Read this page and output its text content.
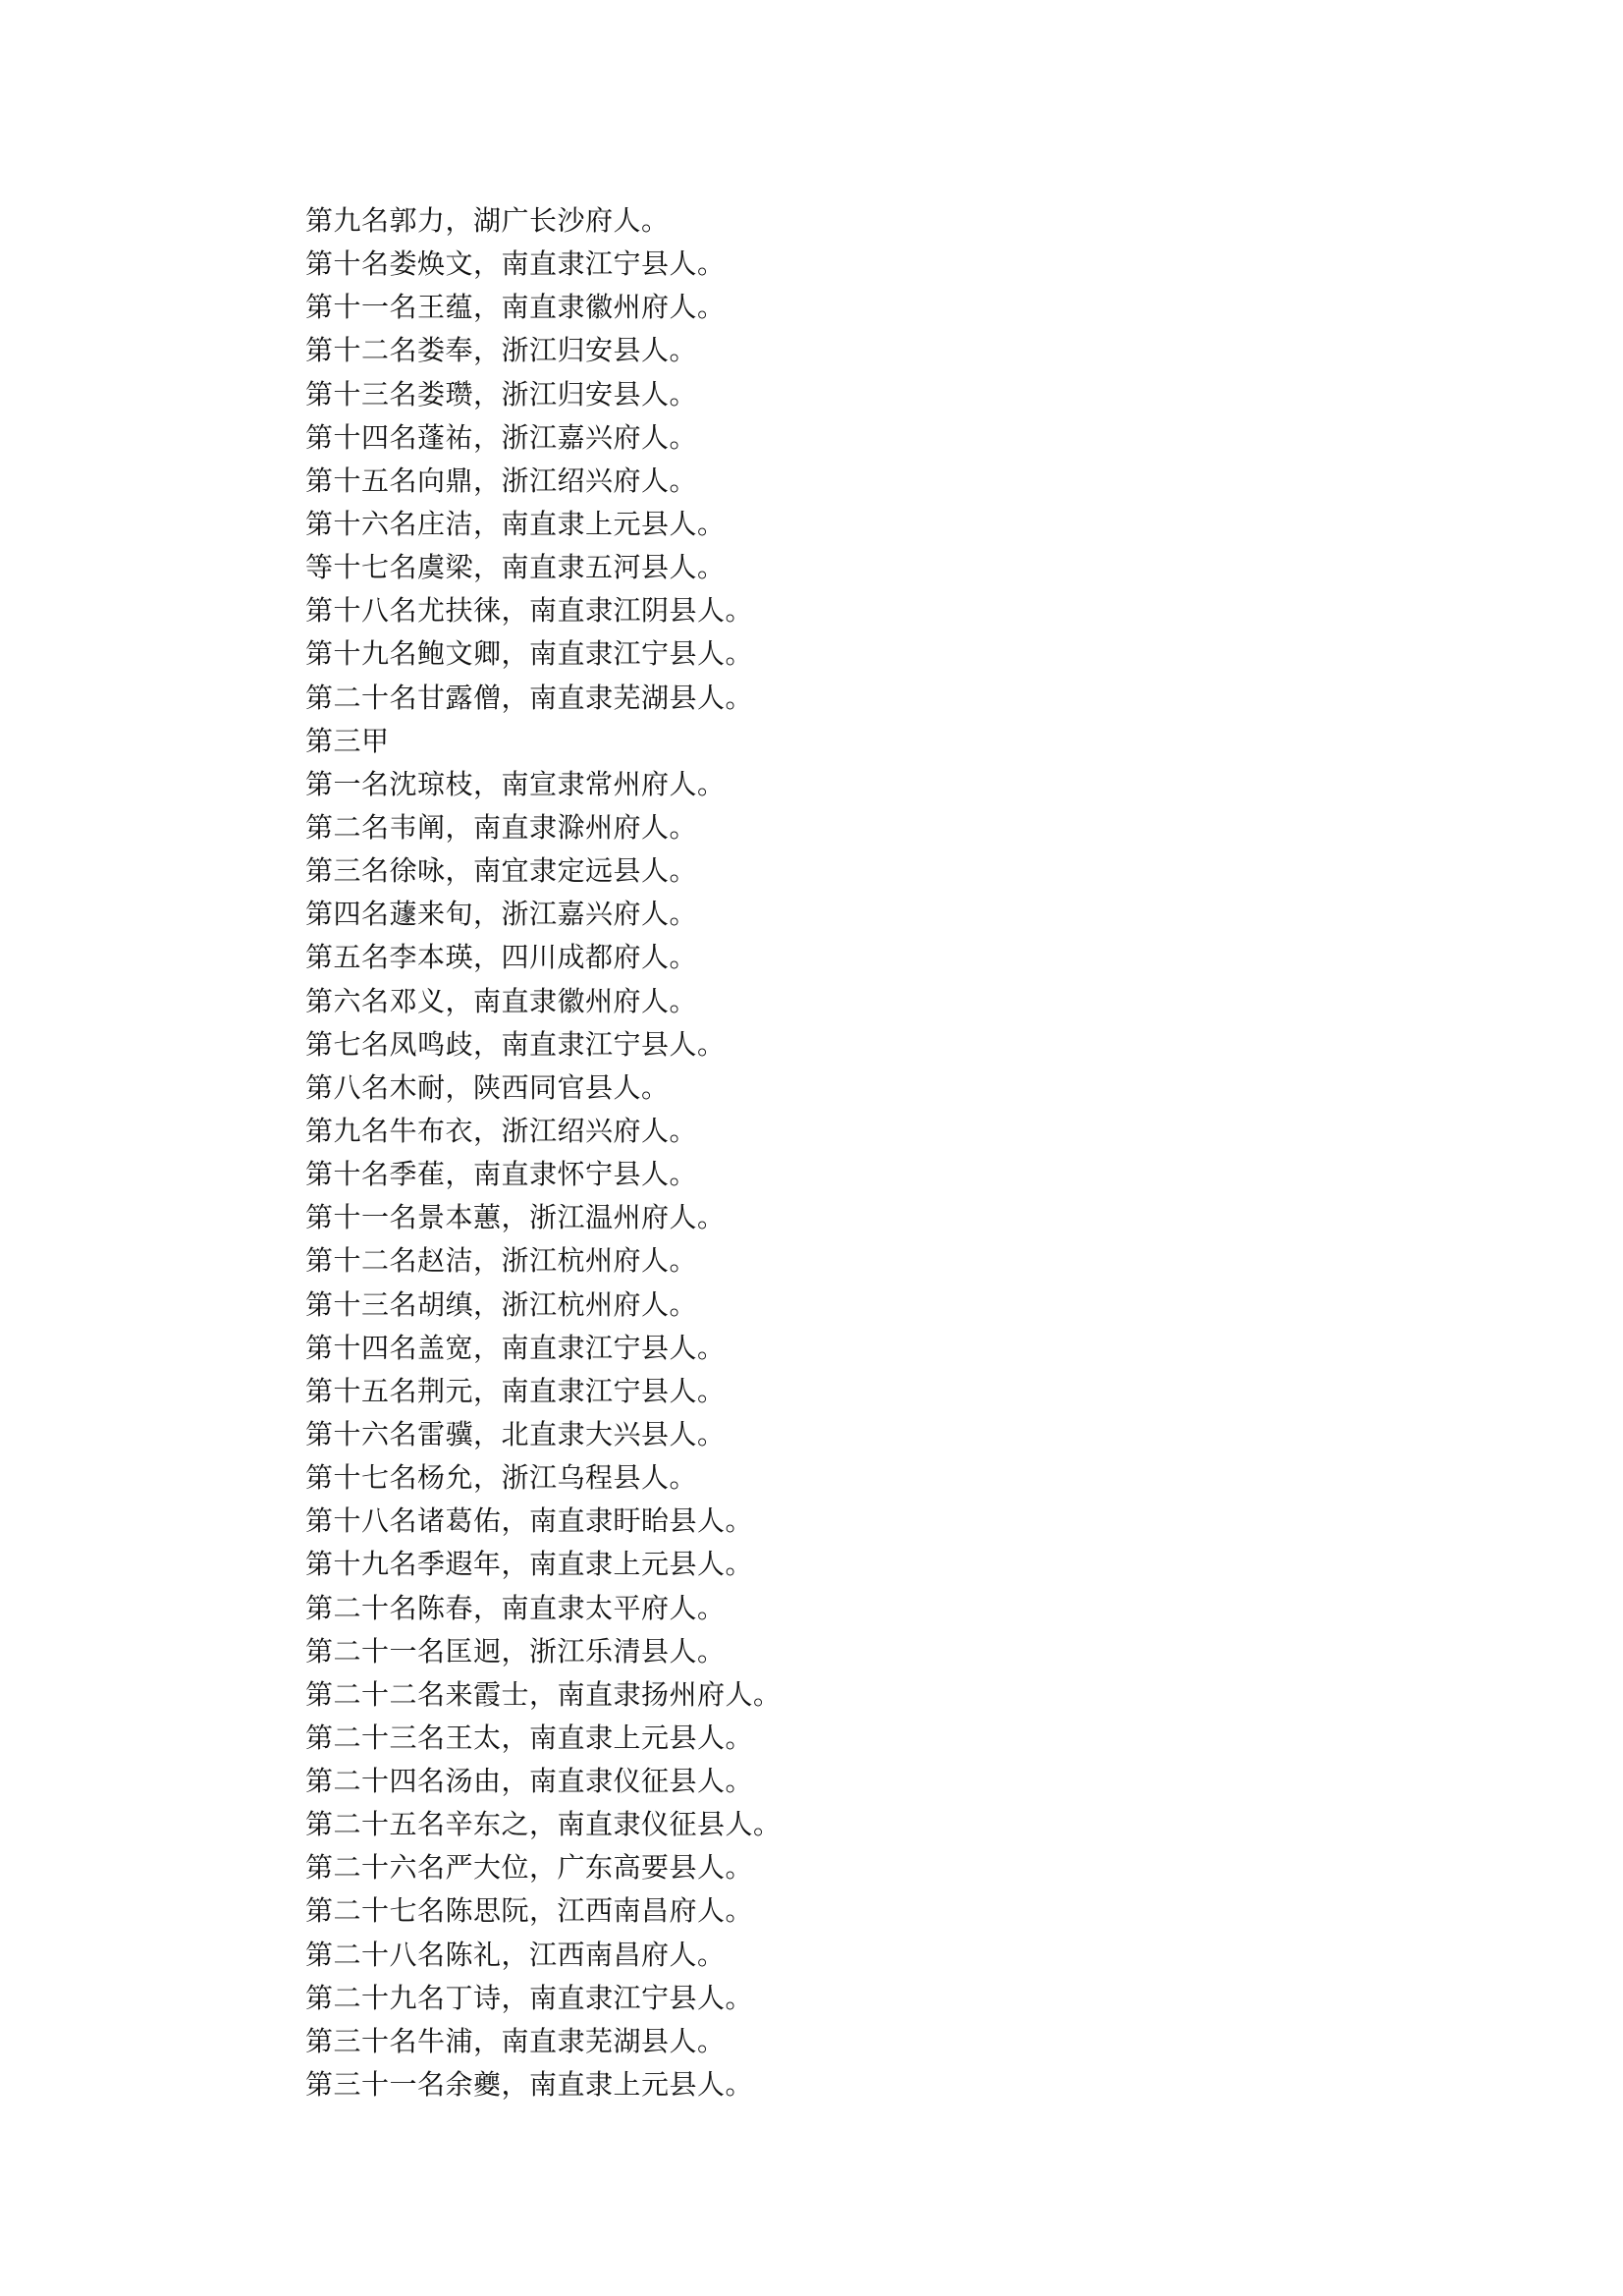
第九名郭力，湖广长沙府人。
第十名娄焕文，南直隶江宁县人。
第十一名王蕴，南直隶徽州府人。
第十二名娄奉，浙江归安县人。
第十三名娄瓒，浙江归安县人。
第十四名蓬祐，浙江嘉兴府人。
第十五名向鼎，浙江绍兴府人。
第十六名庄洁，南直隶上元县人。
等十七名虞梁，南直隶五河县人。
第十八名尤扶徕，南直隶江阴县人。
第十九名鲍文卿，南直隶江宁县人。
第二十名甘露僧，南直隶芜湖县人。
第三甲
第一名沈琼枝，南宣隶常州府人。
第二名韦阐，南直隶滁州府人。
第三名徐咏，南宜隶定远县人。
第四名蘧来旬，浙江嘉兴府人。
第五名李本瑛，四川成都府人。
第六名邓义，南直隶徽州府人。
第七名凤鸣歧，南直隶江宁县人。
第八名木耐，陕西同官县人。
第九名牛布衣，浙江绍兴府人。
第十名季萑，南直隶怀宁县人。
第十一名景本蕙，浙江温州府人。
第十二名赵洁，浙江杭州府人。
第十三名胡缜，浙江杭州府人。
第十四名盖宽，南直隶江宁县人。
第十五名荆元，南直隶江宁县人。
第十六名雷骥，北直隶大兴县人。
第十七名杨允，浙江乌程县人。
第十八名诸葛佑，南直隶盱眙县人。
第十九名季遐年，南直隶上元县人。
第二十名陈春，南直隶太平府人。
第二十一名匡迥，浙江乐清县人。
第二十二名来霞士，南直隶扬州府人。
第二十三名王太，南直隶上元县人。
第二十四名汤由，南直隶仪征县人。
第二十五名辛东之，南直隶仪征县人。
第二十六名严大位，广东高要县人。
第二十七名陈思阮，江西南昌府人。
第二十八名陈礼，江西南昌府人。
第二十九名丁诗，南直隶江宁县人。
第三十名牛浦，南直隶芜湖县人。
第三十一名余夔，南直隶上元县人。
